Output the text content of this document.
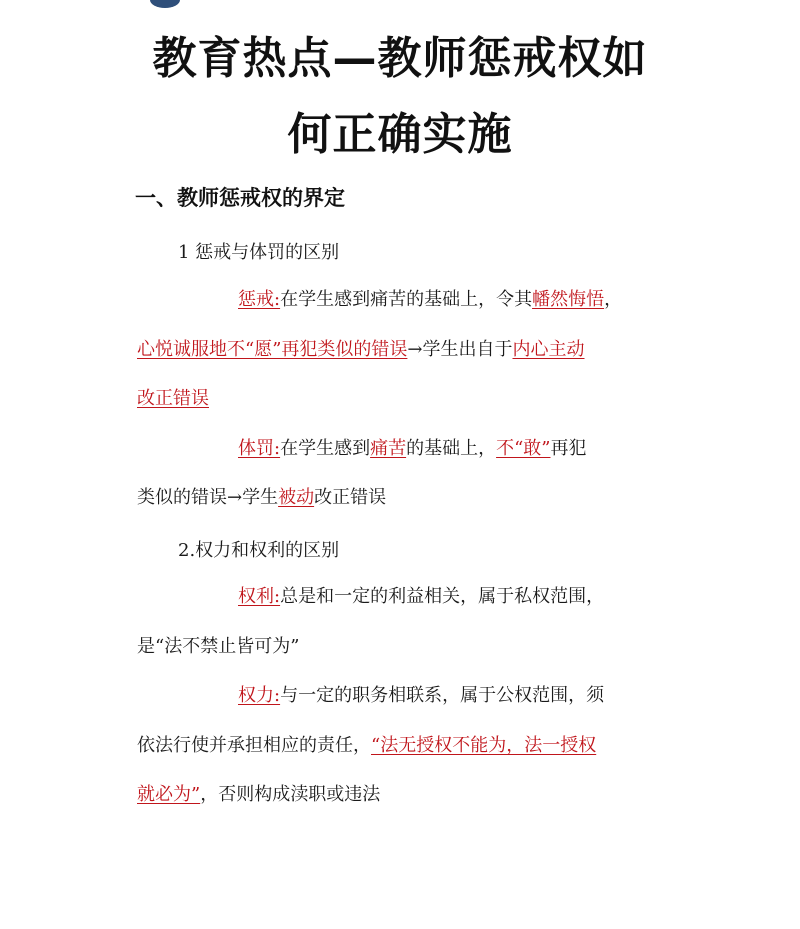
教育热点—教师惩戒权如
何正确实施
一、教师惩戒权的界定
1 惩戒与体罚的区别
惩戒:在学生感到痛苦的基础上，令其幡然悔悟，
心悦诚服地不“愿”再犯类似的错误→学生出自于内心主动
改正错误
体罚:在学生感到痛苦的基础上，不“敢”再犯
类似的错误→学生被动改正错误
2.权力和权利的区别
权利:总是和一定的利益相关，属于私权范围，
是“法不禁止皆可为”
权力:与一定的职务相联系，属于公权范围，须
依法行使并承担相应的责任，“法无授权不能为，法一授权
就必为”，否则构成渎职或违法
